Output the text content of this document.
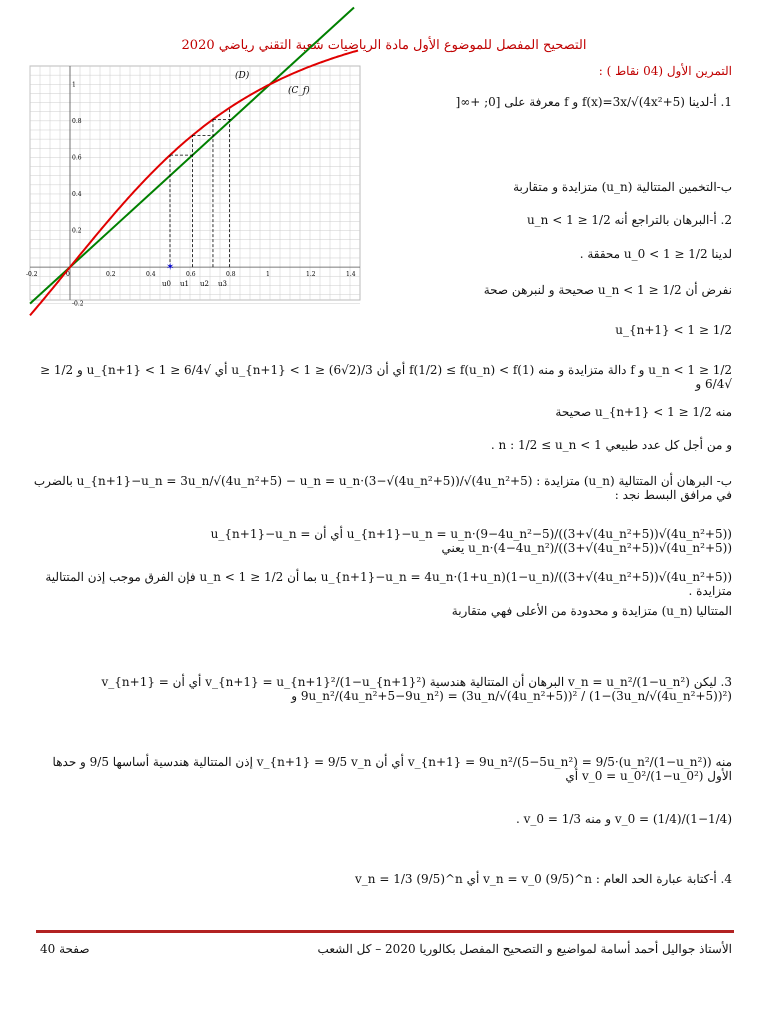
التصحيح المفصل للموضوع الأول مادة الرياضيات شعبة التقني رياضي 2020
التمرين الأول (04 نقاط ) :
-0.2	0	0.2	0.4	0.6	0.8	1	1.2	1.4
1
0.8
0.6
0.4
0.2
-0.2
✶
(D)
(C_f)
u0 u1 u2 u3
1. أ-لدينا f(x)=3x/√(4x²+5) و f معرفة على [0; +∞[
ب-التخمين المتتالية (u_n) متزايدة و متقاربة
2. أ-البرهان بالتراجع أنه 1/2 ≤ u_n < 1
لدينا 1/2 ≤ u_0 < 1 محققة .
نفرض أن 1/2 ≤ u_n < 1 صحيحة و لنبرهن صحة
1/2 ≤ u_{n+1} < 1
1/2 ≤ u_n < 1 و f دالة متزايدة و منه f(1/2) ≤ f(u_n) < f(1) أي أن 3/(2√6) ≤ u_{n+1} < 1 أي √6/4 ≤ u_{n+1} < 1 و 1/2 ≤ √6/4 و
منه 1/2 ≤ u_{n+1} < 1 صحيحة
و من أجل كل عدد طبيعي n : 1/2 ≤ u_n < 1 .
ب- البرهان أن المتتالية (u_n) متزايدة : u_{n+1}−u_n = 3u_n/√(4u_n²+5) − u_n = u_n·(3−√(4u_n²+5))/√(4u_n²+5) بالضرب في مرافق البسط نجد :
u_{n+1}−u_n = u_n·(9−4u_n²−5)/((3+√(4u_n²+5))√(4u_n²+5)) أي أن u_{n+1}−u_n = u_n·(4−4u_n²)/((3+√(4u_n²+5))√(4u_n²+5)) يعني
u_{n+1}−u_n = 4u_n·(1+u_n)(1−u_n)/((3+√(4u_n²+5))√(4u_n²+5)) بما أن 1/2 ≤ u_n < 1 فإن الفرق موجب إذن المتتالية متزايدة .
المتتاليا (u_n) متزايدة و محدودة من الأعلى فهي متقاربة
3. ليكن v_n = u_n²/(1−u_n²) البرهان أن المتتالية هندسية v_{n+1} = u_{n+1}²/(1−u_{n+1}²) أي أن v_{n+1} = 9u_n²/(4u_n²+5−9u_n²) = (3u_n/√(4u_n²+5))² / (1−(3u_n/√(4u_n²+5))²) و
منه v_{n+1} = 9u_n²/(5−5u_n²) = 9/5·(u_n²/(1−u_n²)) أي أن v_{n+1} = 9/5 v_n إذن المتتالية هندسية أساسها 9/5 و حدها الأول v_0 = u_0²/(1−u_0²) أي
v_0 = (1/4)/(1−1/4) و منه v_0 = 1/3 .
4. أ-كتابة عبارة الحد العام : v_n = v_0 (9/5)^n أي v_n = 1/3 (9/5)^n
صفحة 40	الأستاذ جواليل أحمد أسامة لمواضيع و التصحيح المفصل بكالوريا 2020 – كل الشعب
